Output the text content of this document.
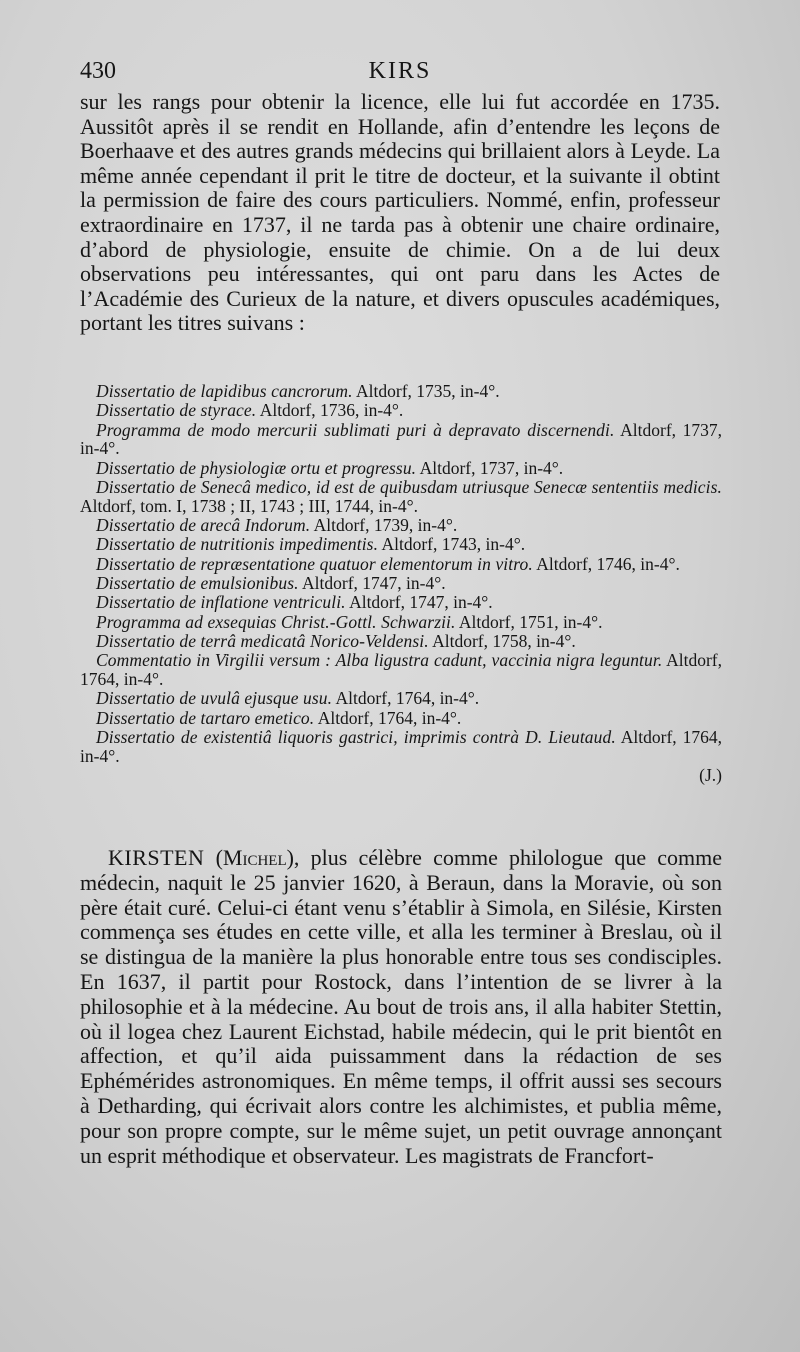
430	KIRS

sur les rangs pour obtenir la licence, elle lui fut accordée en 1735. Aussitôt après il se rendit en Hollande, afin d’entendre les leçons de Boerhaave et des autres grands médecins qui brillaient alors à Leyde. La même année cependant il prit le titre de docteur, et la suivante il obtint la permission de faire des cours particuliers. Nommé, enfin, professeur extraordinaire en 1737, il ne tarda pas à obtenir une chaire ordinaire, d’abord de physiologie, ensuite de chimie. On a de lui deux observations peu intéressantes, qui ont paru dans les Actes de l’Académie des Curieux de la nature, et divers opuscules académiques, portant les titres suivans :

Dissertatio de lapidibus cancrorum. Altdorf, 1735, in-4°.
Dissertatio de styrace. Altdorf, 1736, in-4°.
Programma de modo mercurii sublimati puri à depravato discernendi. Altdorf, 1737, in-4°.
Dissertatio de physiologiæ ortu et progressu. Altdorf, 1737, in-4°.
Dissertatio de Senecâ medico, id est de quibusdam utriusque Senecæ sententiis medicis. Altdorf, tom. I, 1738 ; II, 1743 ; III, 1744, in-4°.
Dissertatio de arecâ Indorum. Altdorf, 1739, in-4°.
Dissertatio de nutritionis impedimentis. Altdorf, 1743, in-4°.
Dissertatio de repræsentatione quatuor elementorum in vitro. Altdorf, 1746, in-4°.
Dissertatio de emulsionibus. Altdorf, 1747, in-4°.
Dissertatio de inflatione ventriculi. Altdorf, 1747, in-4°.
Programma ad exsequias Christ.-Gottl. Schwarzii. Altdorf, 1751, in-4°.
Dissertatio de terrâ medicatâ Norico-Veldensi. Altdorf, 1758, in-4°.
Commentatio in Virgilii versum : Alba ligustra cadunt, vaccinia nigra leguntur. Altdorf, 1764, in-4°.
Dissertatio de uvulâ ejusque usu. Altdorf, 1764, in-4°.
Dissertatio de tartaro emetico. Altdorf, 1764, in-4°.
Dissertatio de existentiâ liquoris gastrici, imprimis contrà D. Lieutaud. Altdorf, 1764, in-4°.
(J.)

KIRSTEN (Michel), plus célèbre comme philologue que comme médecin, naquit le 25 janvier 1620, à Beraun, dans la Moravie, où son père était curé. Celui-ci étant venu s’établir à Simola, en Silésie, Kirsten commença ses études en cette ville, et alla les terminer à Breslau, où il se distingua de la manière la plus honorable entre tous ses condisciples. En 1637, il partit pour Rostock, dans l’intention de se livrer à la philosophie et à la médecine. Au bout de trois ans, il alla habiter Stettin, où il logea chez Laurent Eichstad, habile médecin, qui le prit bientôt en affection, et qu’il aida puissamment dans la rédaction de ses Ephémérides astronomiques. En même temps, il offrit aussi ses secours à Detharding, qui écrivait alors contre les alchimistes, et publia même, pour son propre compte, sur le même sujet, un petit ouvrage annonçant un esprit méthodique et observateur. Les magistrats de Francfort-
